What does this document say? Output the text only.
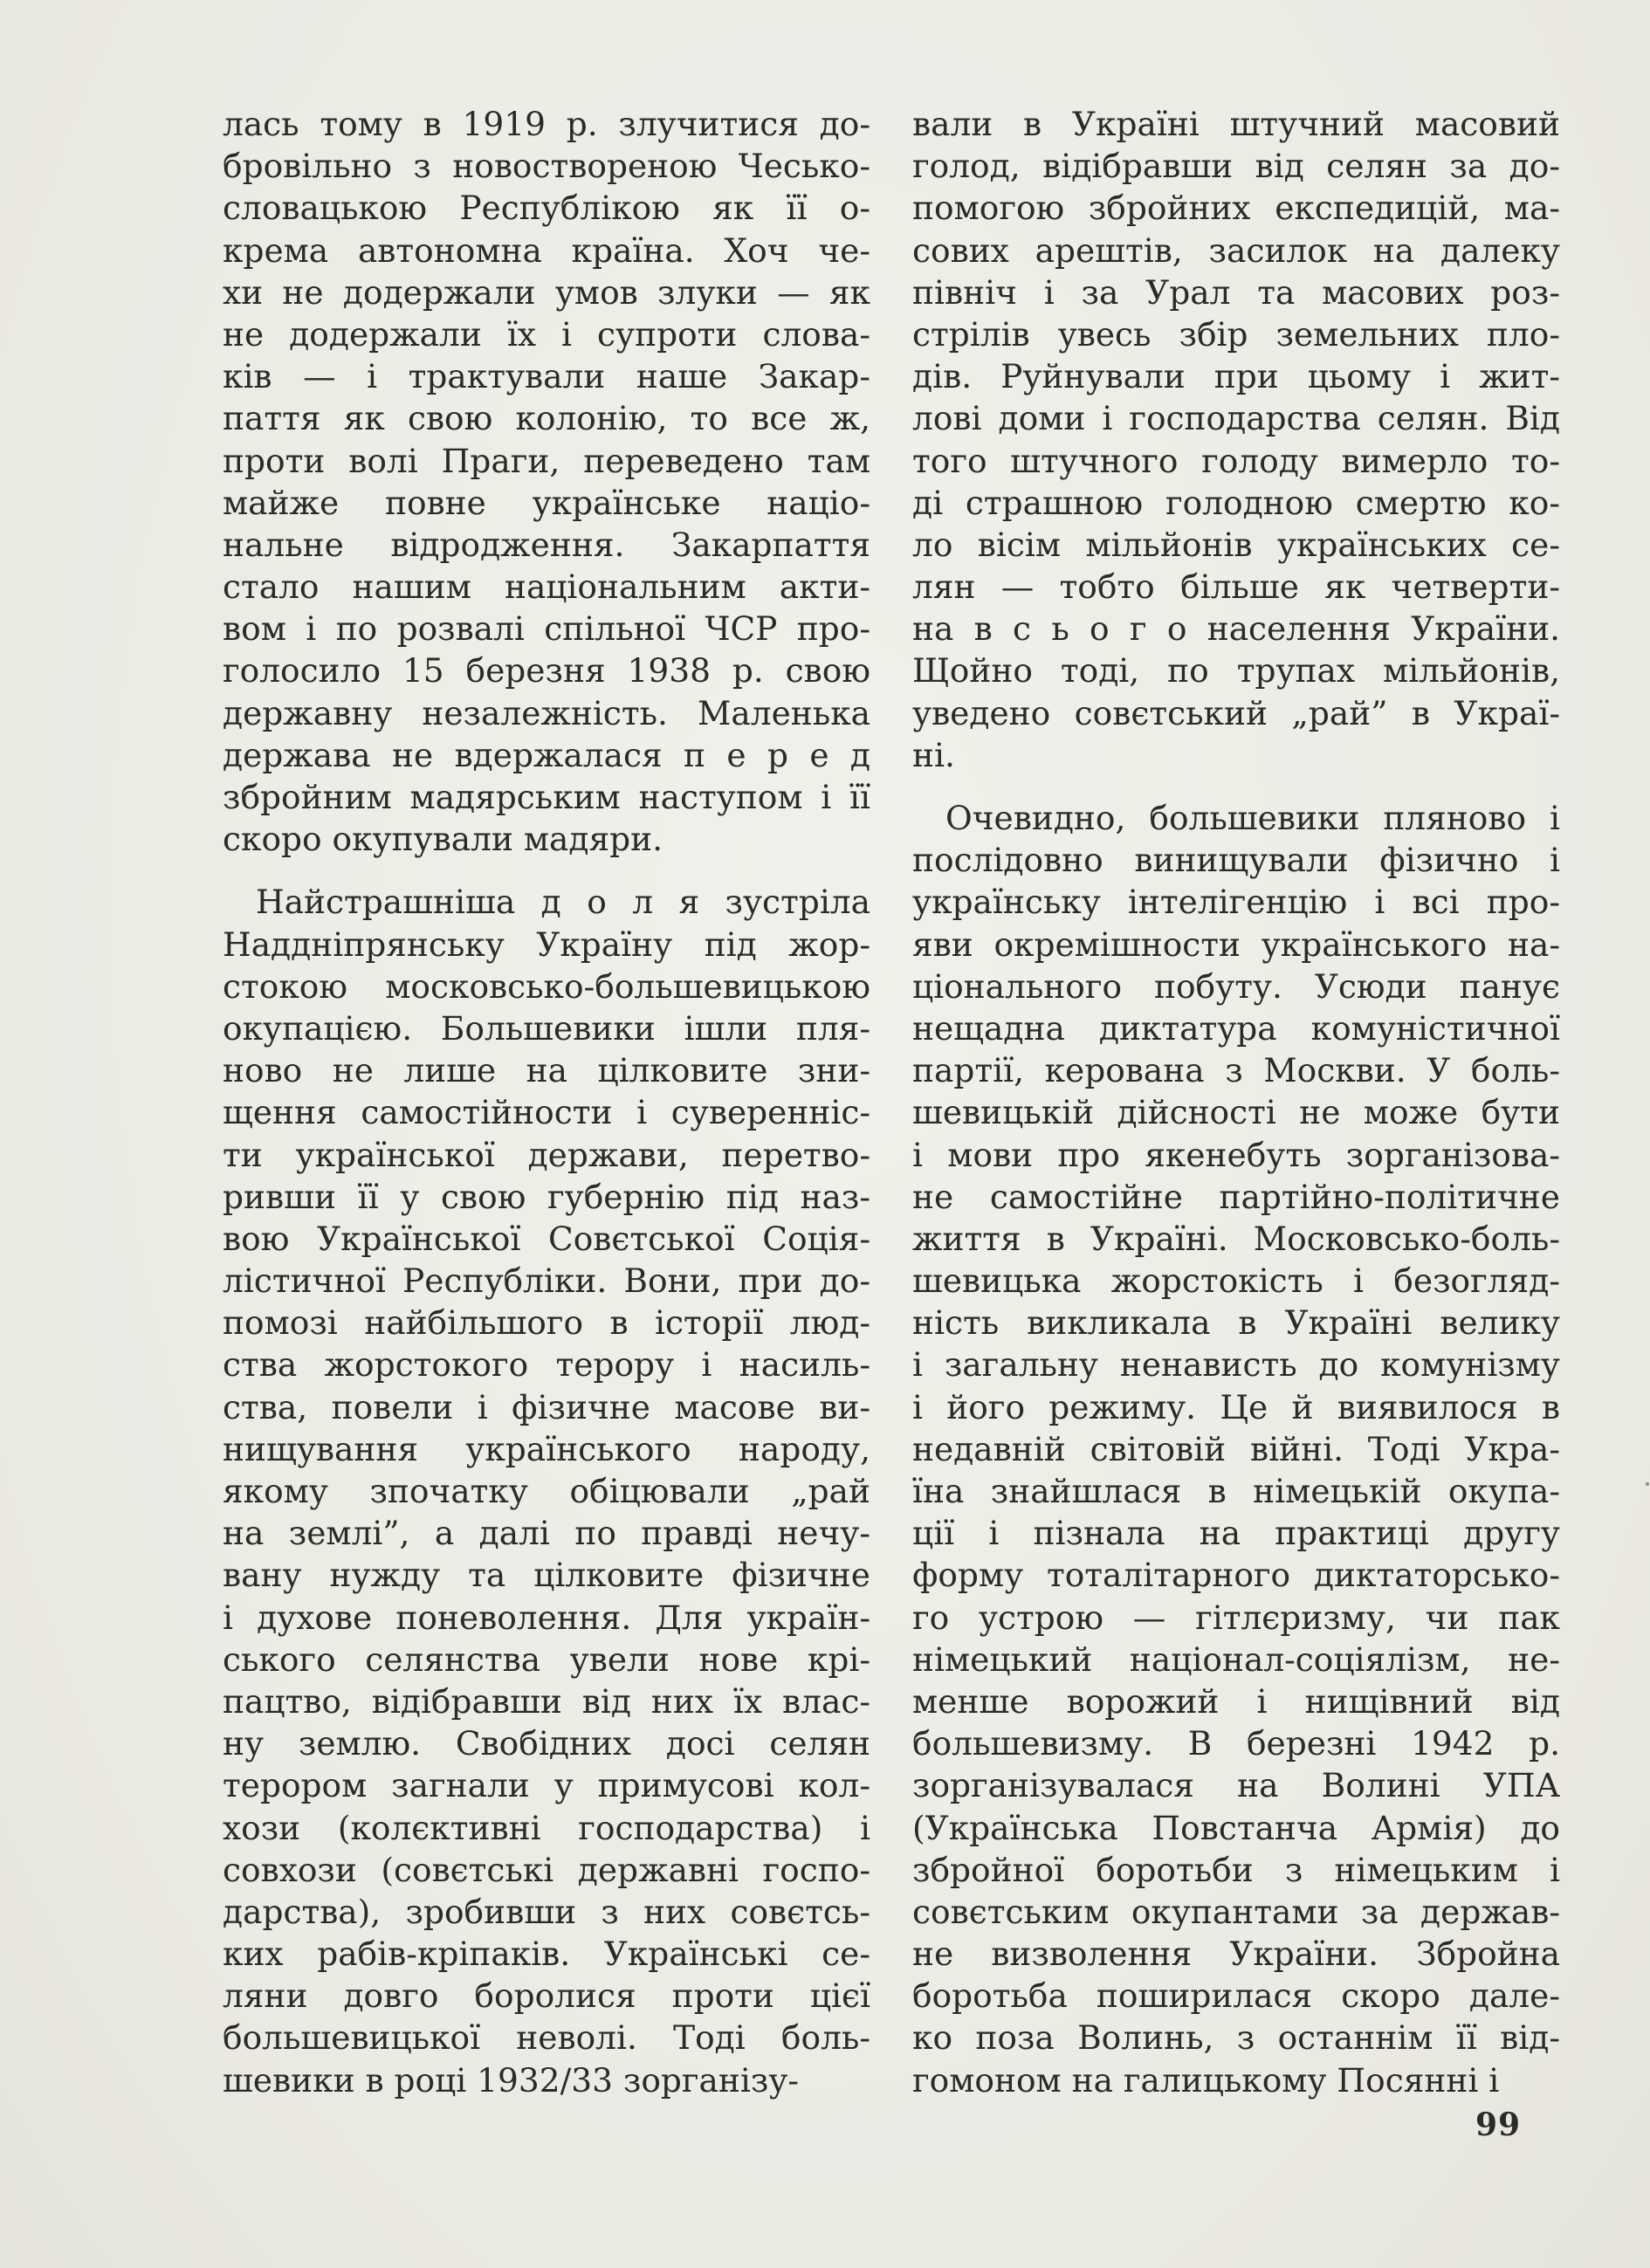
лась тому в 1919 р. злучитися до-
бровільно з новоствореною Чесько-
словацькою Республікою як її о-
крема автономна країна. Хоч че-
хи не додержали умов злуки — як
не додержали їх і супроти слова-
ків — і трактували наше Закар-
паття як свою колонію, то все ж,
проти волі Праги, переведено там
майже повне українське націо-
нальне відродження. Закарпаття
стало нашим національним акти-
вом і по розвалі спільної ЧСР про-
голосило 15 березня 1938 р. свою
державну незалежність. Маленька
держава не вдержалася п е р е д
збройним мадярським наступом і її
скоро окупували мадяри.

Найстрашніша д о л я зустріла
Наддніпрянську Україну під жор-
стокою московсько-большевицькою
окупацією. Большевики ішли пля-
ново не лише на цілковите зни-
щення самостійности і суверенніс-
ти української держави, перетво-
ривши її у свою губернію під наз-
вою Української Совєтської Соція-
лістичної Республіки. Вони, при до-
помозі найбільшого в історії люд-
ства жорстокого терору і насиль-
ства, повели і фізичне масове ви-
нищування українського народу,
якому зпочатку обіцювали „рай
на землі”, а далі по правді нечу-
вану нужду та цілковите фізичне
і духове поневолення. Для україн-
ського селянства увели нове крі-
пацтво, відібравши від них їх влас-
ну землю. Свобідних досі селян
терором загнали у примусові кол-
хози (колєктивні господарства) і
совхози (совєтські державні госпо-
дарства), зробивши з них совєтсь-
ких рабів-кріпаків. Українські се-
ляни довго боролися проти цієї
большевицької неволі. Тоді боль-
шевики в році 1932/33 зорганізу-

вали в Україні штучний масовий
голод, відібравши від селян за до-
помогою збройних експедицій, ма-
сових арештів, засилок на далеку
північ і за Урал та масових роз-
стрілів увесь збір земельних пло-
дів. Руйнували при цьому і жит-
лові доми і господарства селян. Від
того штучного голоду вимерло то-
ді страшною голодною смертю ко-
ло вісім мільйонів українських се-
лян — тобто більше як четверти-
на в с ь о г о населення України.
Щойно тоді, по трупах мільйонів,
уведено совєтський „рай” в Украї-
ні.

Очевидно, большевики пляново і
послідовно винищували фізично і
українську інтелігенцію і всі про-
яви окремішности українського на-
ціонального побуту. Усюди панує
нещадна диктатура комуністичної
партії, керована з Москви. У боль-
шевицькій дійсності не може бути
і мови про якенебуть зорганізова-
не самостійне партійно-політичне
життя в Україні. Московсько-боль-
шевицька жорстокість і безогляд-
ність викликала в Україні велику
і загальну ненависть до комунізму
і його режиму. Це й виявилося в
недавній світовій війні. Тоді Укра-
їна знайшлася в німецькій окупа-
ції і пізнала на практиці другу
форму тоталітарного диктаторсько-
го устрою — гітлєризму, чи пак
німецький націонал-соціялізм, не-
менше ворожий і нищівний від
большевизму. В березні 1942 р.
зорганізувалася на Волині УПА
(Українська Повстанча Армія) до
збройної боротьби з німецьким і
совєтським окупантами за держав-
не визволення України. Збройна
боротьба поширилася скоро дале-
ко поза Волинь, з останнім її від-
гомоном на галицькому Посянні і

99
